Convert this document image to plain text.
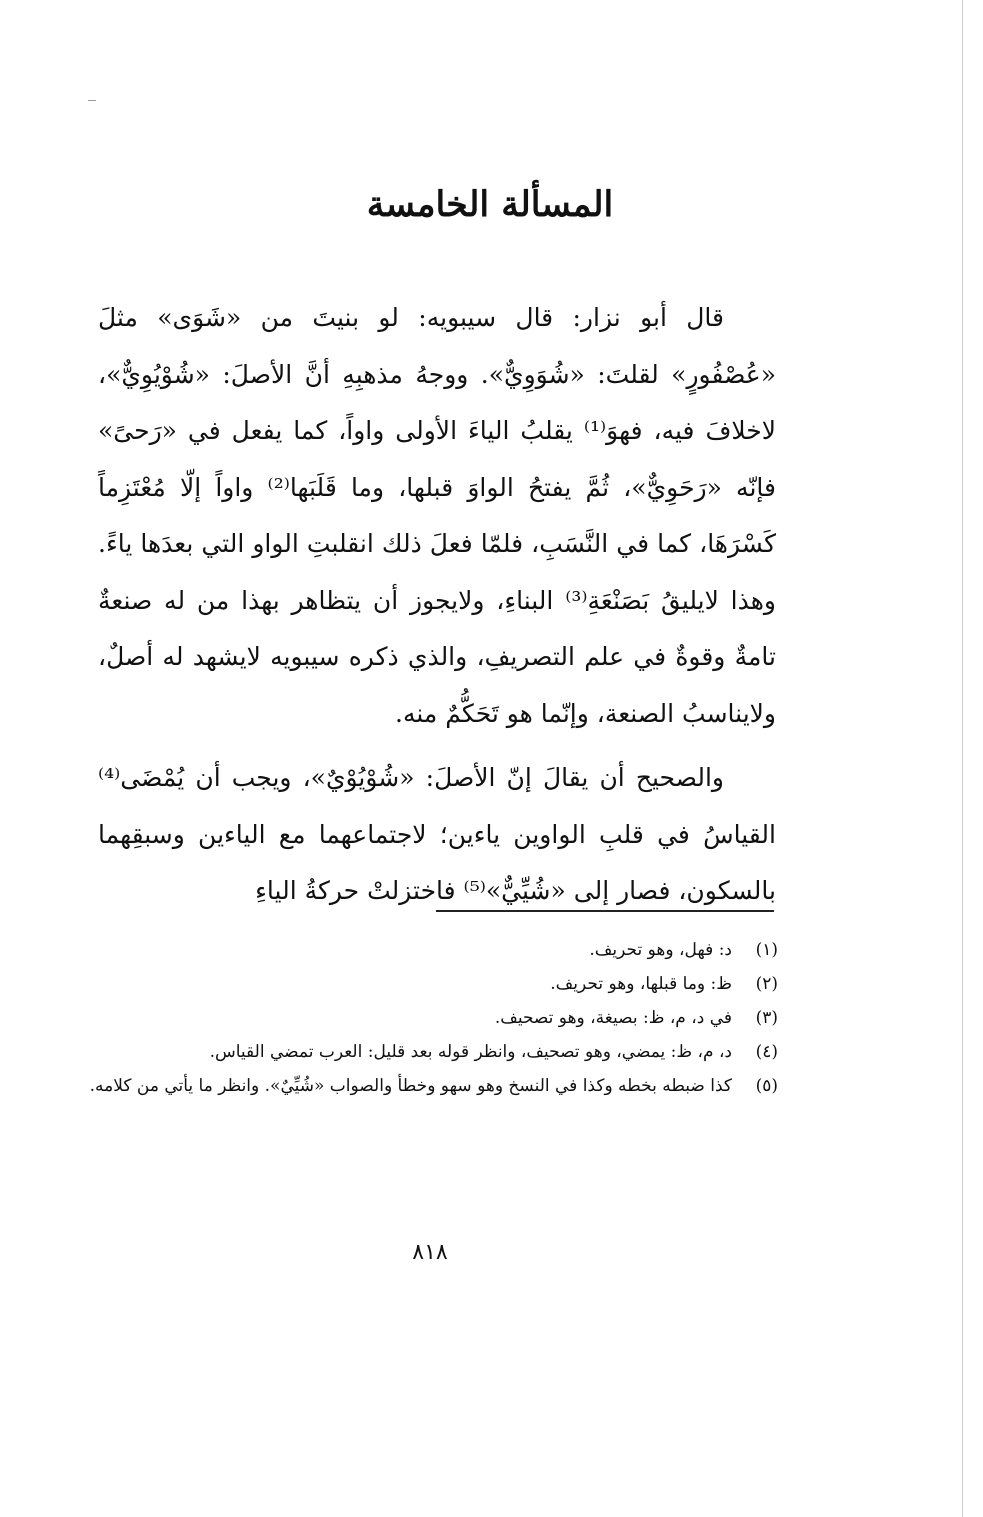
المسألة الخامسة

قال أبو نزار: قال سيبويه: لو بنيتَ من «شَوَى» مثلَ «عُصْفُورٍ» لقلتَ: «شُوَوِيٌّ». ووجهُ مذهبِهِ أنَّ الأصلَ: «شُوْيُوِيٌّ»، لاخلافَ فيه، فهوَ⁽¹⁾ يقلبُ الياءَ الأولى واواً، كما يفعل في «رَحىً» فإنّه «رَحَوِيٌّ»، ثُمَّ يفتحُ الواوَ قبلها، وما قَلَبَها⁽²⁾ واواً إلّا مُعْتَزِماً كَسْرَهَا، كما في النَّسَبِ، فلمّا فعلَ ذلك انقلبتِ الواو التي بعدَها ياءً. وهذا لايليقُ بَصَنْعَةِ⁽³⁾ البناءِ، ولايجوز أن يتظاهر بهذا من له صنعةٌ تامةٌ وقوةٌ في علم التصريفِ، والذي ذكره سيبويه لايشهد له أصلٌ، ولايناسبُ الصنعة، وإنّما هو تَحَكُّمٌ منه.

والصحيح أن يقالَ إنّ الأصلَ: «شُوْيُوْيٌ»، ويجب أن يُمْضَى⁽⁴⁾ القياسُ في قلبِ الواوين ياءين؛ لاجتماعهما مع الياءين وسبقِهما بالسكون، فصار إلى «شُيِّيٌّ»⁽⁵⁾ فاختزلتْ حركةُ الياءِ

(١)
د: فهل، وهو تحريف.
(٢)
ظ: وما قبلها، وهو تحريف.
(٣)
في د، م، ظ: بصيغة، وهو تصحيف.
(٤)
د، م، ظ: يمضي، وهو تصحيف، وانظر قوله بعد قليل: العرب تمضي القياس.
(٥)
كذا ضبطه بخطه وكذا في النسخ وهو سهو وخطأ والصواب «شُيِّيٌ». وانظر ما يأتي من كلامه.
٨١٨
